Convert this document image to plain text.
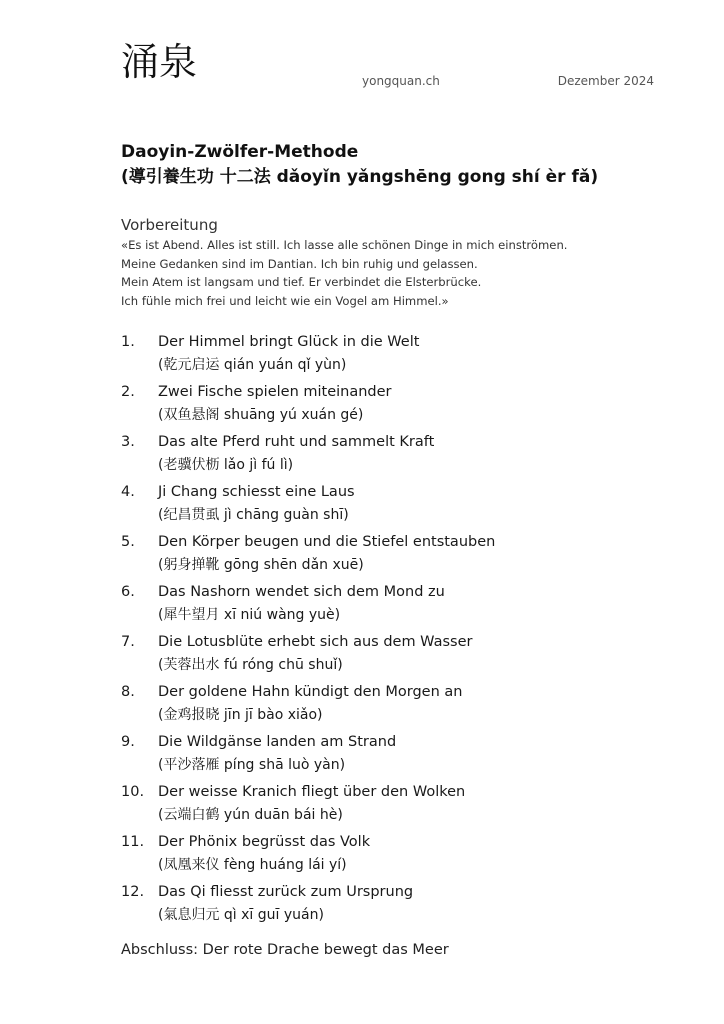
涌泉	yongquan.ch	Dezember 2024
Daoyin-Zwölfer-Methode
(導引養生功 十二法 dǎoyǐn yǎngshēng gong shí èr fǎ)
Vorbereitung
«Es ist Abend. Alles ist still. Ich lasse alle schönen Dinge in mich einströmen.
Meine Gedanken sind im Dantian. Ich bin ruhig und gelassen.
Mein Atem ist langsam und tief. Er verbindet die Elsterbrücke.
Ich fühle mich frei und leicht wie ein Vogel am Himmel.»
1. Der Himmel bringt Glück in die Welt
(乾元启运 qián yuán qǐ yùn)
2. Zwei Fische spielen miteinander
(双鱼悬阁 shuāng yú xuán gé)
3. Das alte Pferd ruht und sammelt Kraft
(老骥伏枥 lǎo jì fú lì)
4. Ji Chang schiesst eine Laus
(纪昌贯虱 jì chāng guàn shī)
5. Den Körper beugen und die Stiefel entstauben
(躬身掸靴 gōng shēn dǎn xuē)
6. Das Nashorn wendet sich dem Mond zu
(犀牛望月 xī niú wàng yuè)
7. Die Lotusblüte erhebt sich aus dem Wasser
(芙蓉出水 fú róng chū shuǐ)
8. Der goldene Hahn kündigt den Morgen an
(金鸡报晓 jīn jī bào xiǎo)
9. Die Wildgänse landen am Strand
(平沙落雁 píng shā luò yàn)
10. Der weisse Kranich fliegt über den Wolken
(云端白鹤 yún duān bái hè)
11. Der Phönix begrüsst das Volk
(凤凰来仪 fèng huáng lái yí)
12. Das Qi fliesst zurück zum Ursprung
(氣息归元 qì xī guī yuán)
Abschluss: Der rote Drache bewegt das Meer
